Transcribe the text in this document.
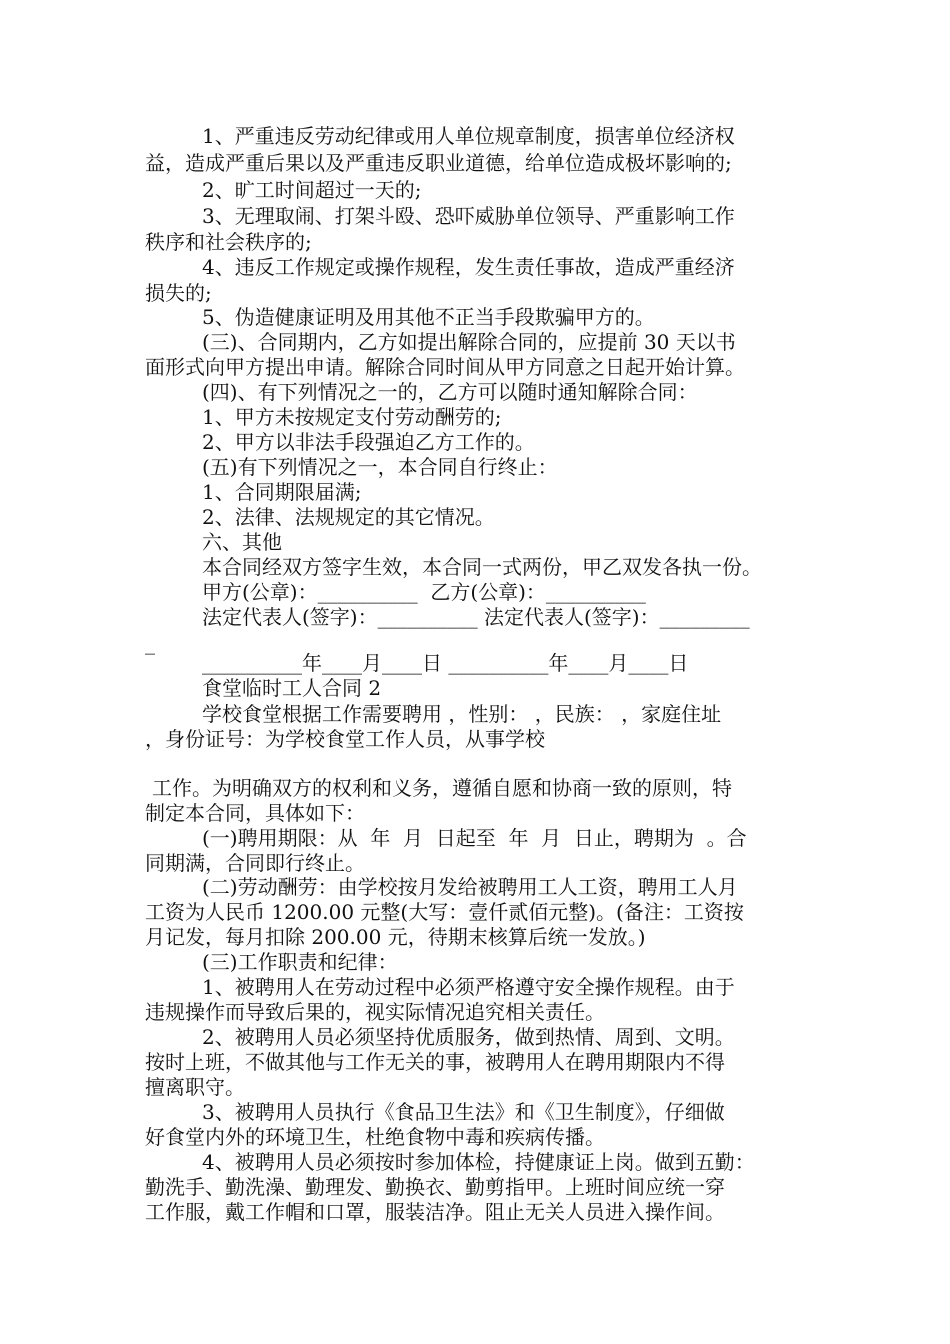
1、严重违反劳动纪律或用人单位规章制度，损害单位经济权
益，造成严重后果以及严重违反职业道德，给单位造成极坏影响的;
2、旷工时间超过一天的;
3、无理取闹、打架斗殴、恐吓威胁单位领导、严重影响工作
秩序和社会秩序的;
4、违反工作规定或操作规程，发生责任事故，造成严重经济
损失的;
5、伪造健康证明及用其他不正当手段欺骗甲方的。
(三)、合同期内，乙方如提出解除合同的，应提前 30 天以书
面形式向甲方提出申请。解除合同时间从甲方同意之日起开始计算。
(四)、有下列情况之一的，乙方可以随时通知解除合同：
1、甲方未按规定支付劳动酬劳的;
2、甲方以非法手段强迫乙方工作的。
(五)有下列情况之一，本合同自行终止：
1、合同期限届满;
2、法律、法规规定的其它情况。
六、其他
本合同经双方签字生效，本合同一式两份，甲乙双发各执一份。
甲方(公章)：__________  乙方(公章)：__________
法定代表人(签字)：__________ 法定代表人(签字)：_________
_
__________年____月____日 __________年____月____日
食堂临时工人合同 2
学校食堂根据工作需要聘用 ，性别： ，民族： ，家庭住址
，身份证号：为学校食堂工作人员，从事学校
工作。为明确双方的权利和义务，遵循自愿和协商一致的原则，特
制定本合同，具体如下：
(一)聘用期限：从  年  月  日起至  年  月  日止，聘期为  。合
同期满，合同即行终止。
(二)劳动酬劳：由学校按月发给被聘用工人工资，聘用工人月
工资为人民币 1200.00 元整(大写：壹仟贰佰元整)。(备注：工资按
月记发，每月扣除 200.00 元，待期末核算后统一发放。)
(三)工作职责和纪律：
1、被聘用人在劳动过程中必须严格遵守安全操作规程。由于
违规操作而导致后果的，视实际情况追究相关责任。
2、被聘用人员必须坚持优质服务，做到热情、周到、文明。
按时上班，不做其他与工作无关的事，被聘用人在聘用期限内不得
擅离职守。
3、被聘用人员执行《食品卫生法》和《卫生制度》，仔细做
好食堂内外的环境卫生，杜绝食物中毒和疾病传播。
4、被聘用人员必须按时参加体检，持健康证上岗。做到五勤：
勤洗手、勤洗澡、勤理发、勤换衣、勤剪指甲。上班时间应统一穿
工作服，戴工作帽和口罩，服装洁净。阻止无关人员进入操作间。
